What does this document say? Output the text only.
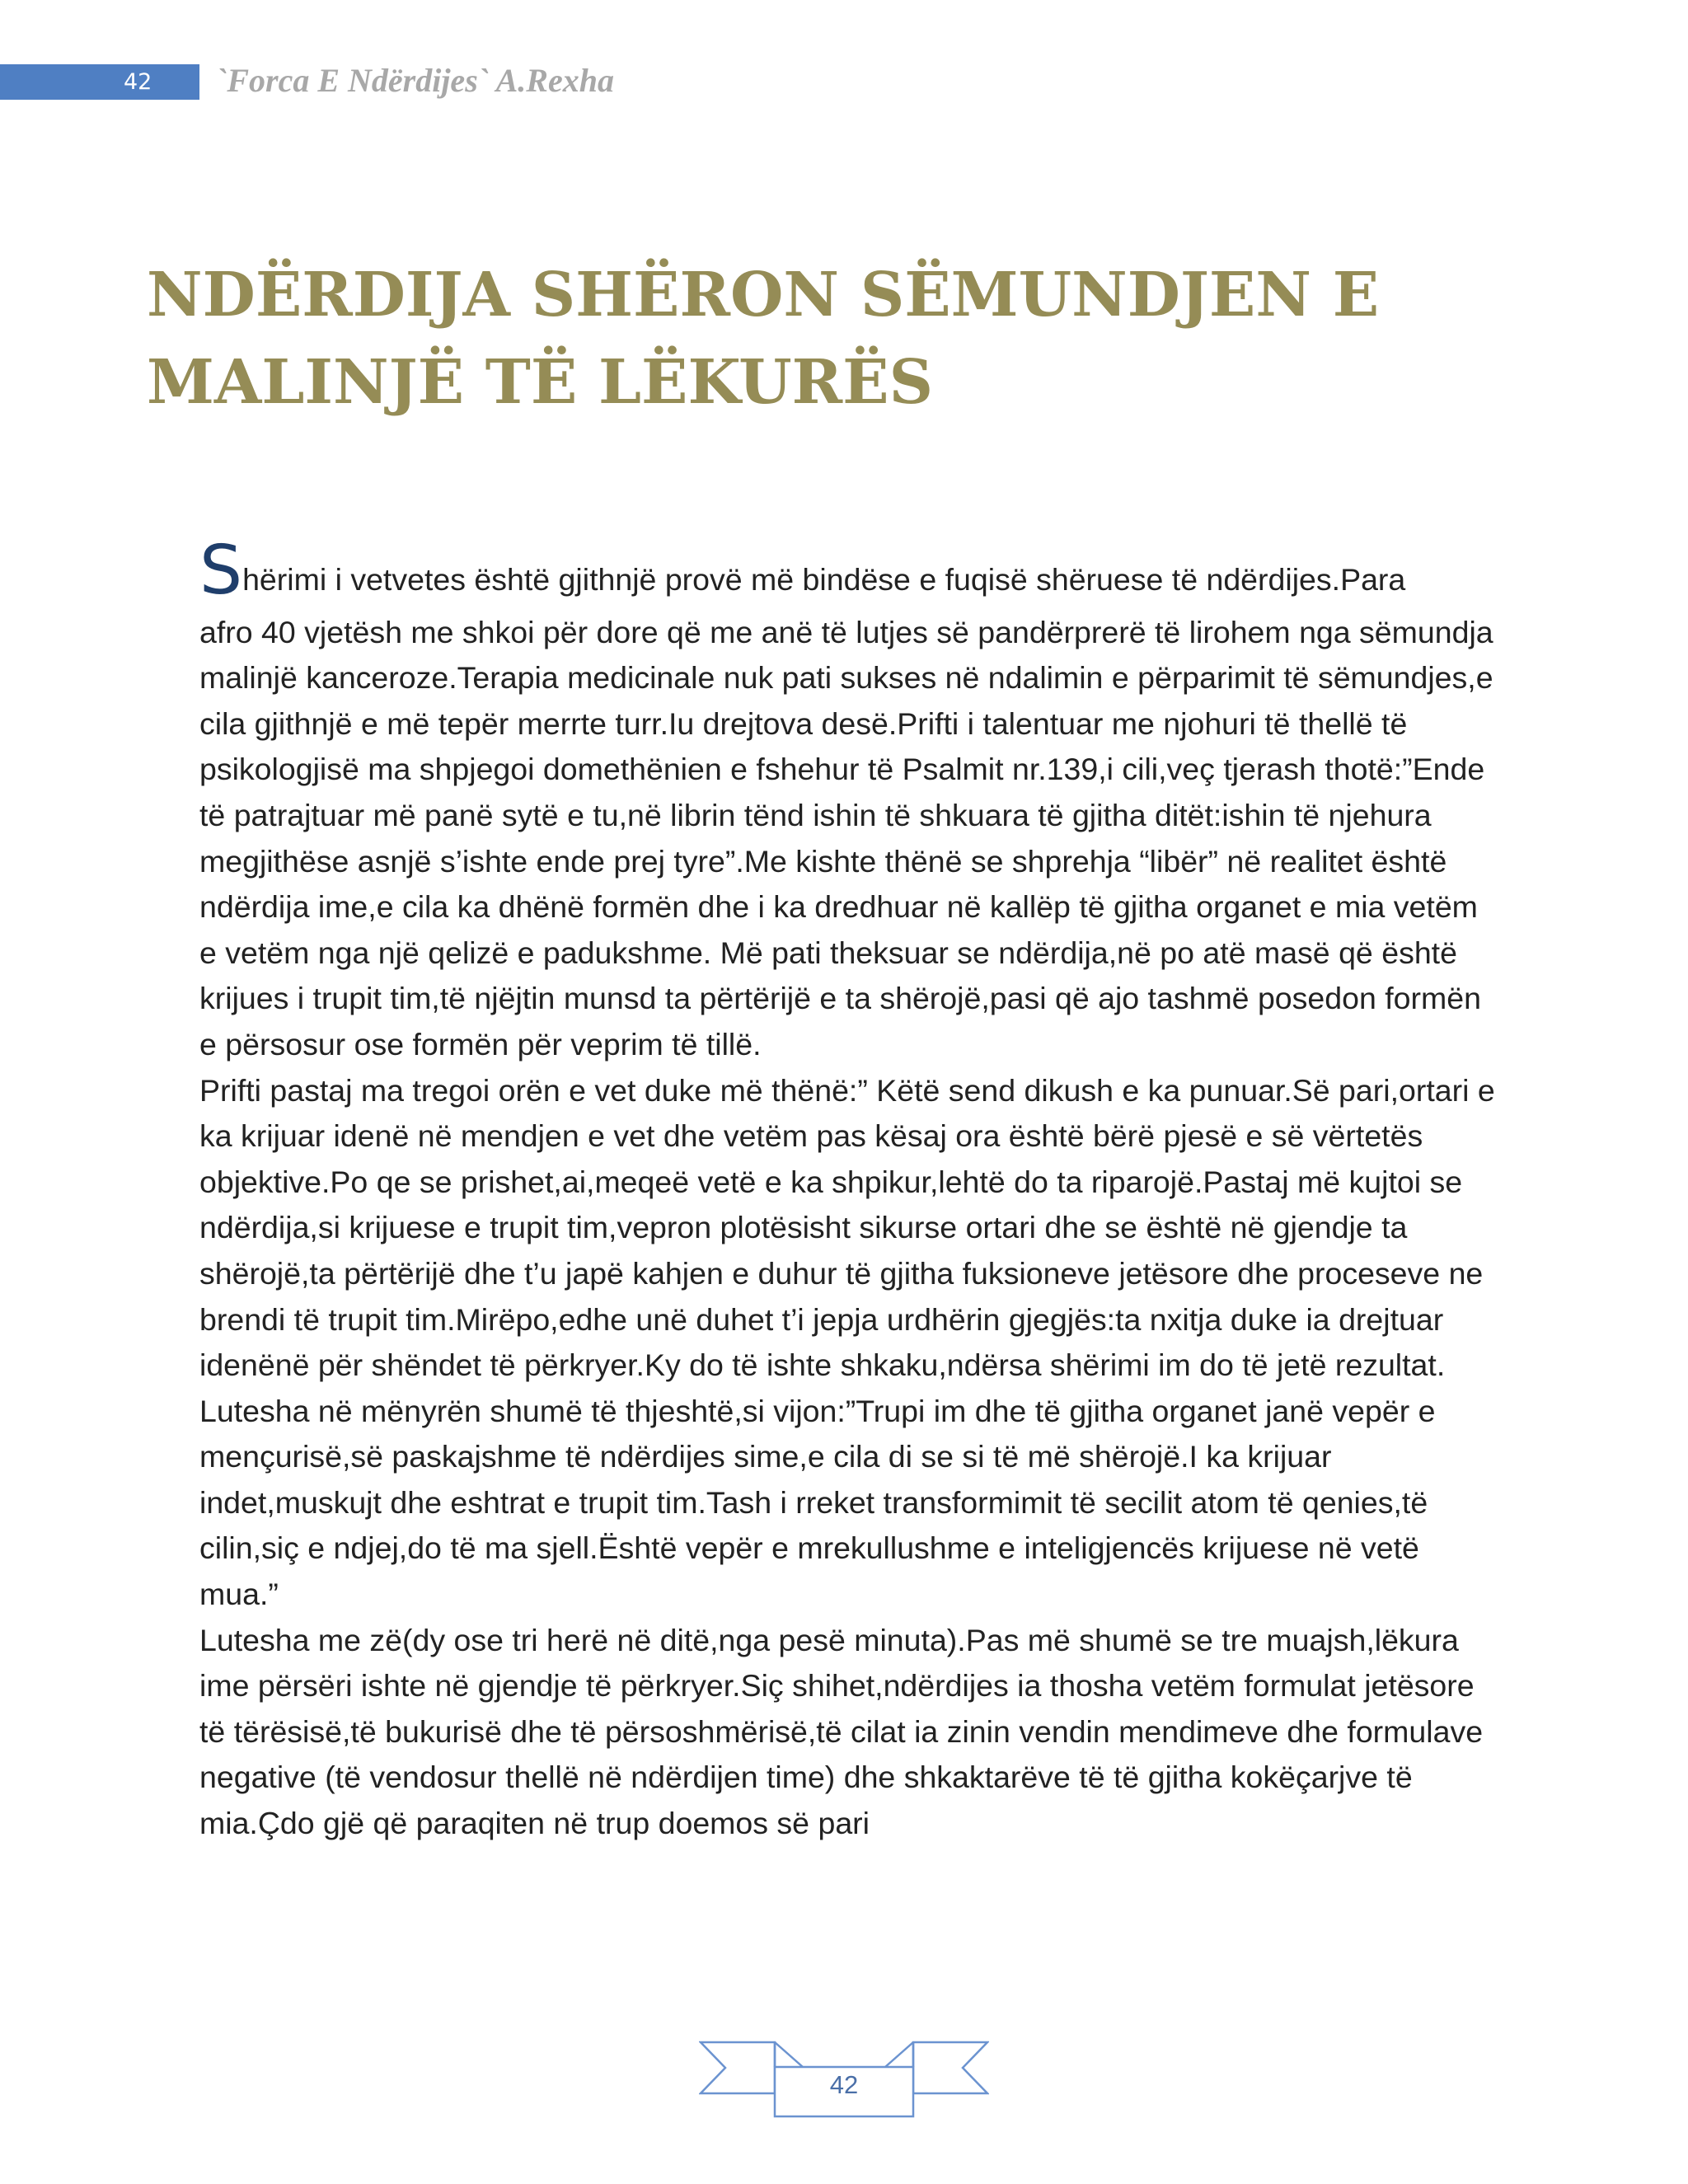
42	`Forca E Ndërdijes` A.Rexha
NDËRDIJA SHËRON SËMUNDJEN E
MALINJË TË LËKURËS

Shërimi i vetvetes është gjithnjë provë më bindëse e fuqisë shëruese të ndërdijes.Para

afro 40 vjetësh me shkoi për dore që me anë të lutjes së pandërprerë të lirohem nga sëmundja malinjë kanceroze.Terapia medicinale nuk pati sukses në ndalimin e përparimit të sëmundjes,e cila gjithnjë e më tepër merrte turr.Iu drejtova desë.Prifti i talentuar me njohuri të thellë të psikologjisë ma shpjegoi domethënien e fshehur të Psalmit nr.139,i cili,veç tjerash thotë:”Ende të patrajtuar më panë sytë e tu,në librin tënd ishin të shkuara të gjitha ditët:ishin të njehura megjithëse asnjë s’ishte ende prej tyre”.Me kishte thënë se shprehja “libër” në realitet është ndërdija ime,e cila ka dhënë formën dhe i ka dredhuar në kallëp të gjitha organet e mia vetëm e vetëm nga një qelizë e padukshme. Më pati theksuar se ndërdija,në po atë masë që është krijues i trupit tim,të njëjtin munsd ta përtërijë e ta shërojë,pasi që ajo tashmë posedon formën e përsosur ose formën për veprim të tillë.

Prifti pastaj ma tregoi orën e vet duke më thënë:” Këtë send dikush e ka punuar.Së pari,ortari e ka krijuar idenë në mendjen e vet dhe vetëm pas kësaj ora është bërë pjesë e së vërtetës objektive.Po qe se prishet,ai,meqeë vetë e ka shpikur,lehtë do ta riparojë.Pastaj më kujtoi se ndërdija,si krijuese e trupit tim,vepron plotësisht sikurse ortari dhe se është në gjendje ta shërojë,ta përtërijë dhe t’u japë kahjen e duhur të gjitha fuksioneve jetësore dhe proceseve ne brendi të trupit tim.Mirëpo,edhe unë duhet t’i jepja urdhërin gjegjës:ta nxitja duke ia drejtuar idenënë për shëndet të përkryer.Ky do të ishte shkaku,ndërsa shërimi im do të jetë rezultat.

Lutesha në mënyrën shumë të thjeshtë,si vijon:”Trupi im dhe të gjitha organet janë vepër e mençurisë,së paskajshme të ndërdijes sime,e cila di se si të më shërojë.I ka krijuar indet,muskujt dhe eshtrat e trupit tim.Tash i rreket transformimit të secilit atom të qenies,të cilin,siç e ndjej,do të ma sjell.Është vepër e mrekullushme e inteligjencës krijuese në vetë mua.”

Lutesha me zë(dy ose tri herë në ditë,nga pesë minuta).Pas më shumë se tre muajsh,lëkura ime përsëri ishte në gjendje të përkryer.Siç shihet,ndërdijes ia thosha vetëm formulat jetësore të tërësisë,të bukurisë dhe të përsoshmërisë,të cilat ia zinin vendin mendimeve dhe formulave negative (të vendosur thellë në ndërdijen time) dhe shkaktarëve të të gjitha kokëçarjve të mia.Çdo gjë që paraqiten në trup doemos së pari

42
